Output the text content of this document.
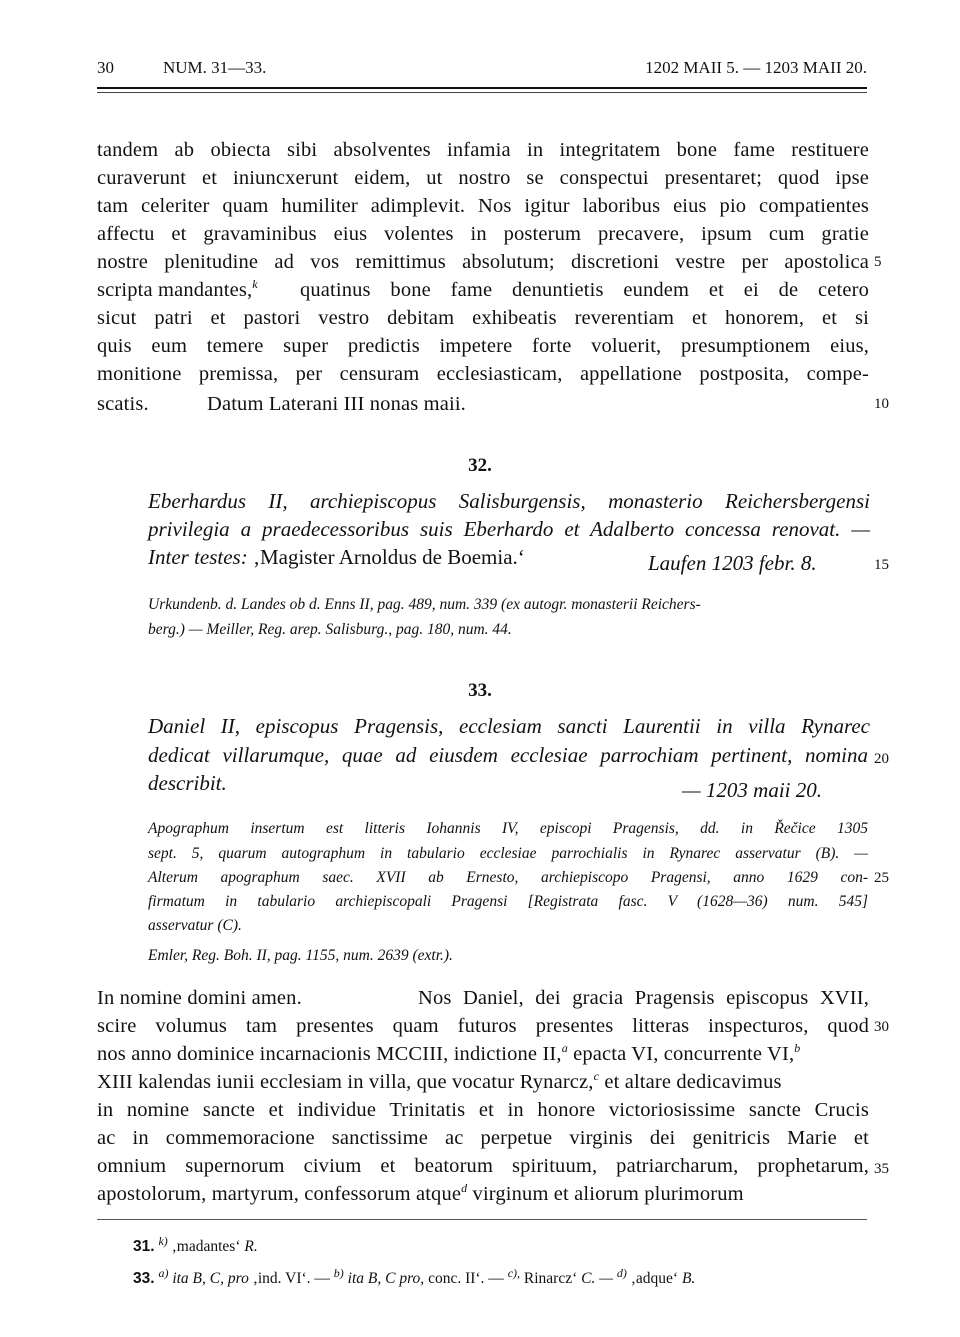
30	NUM. 31—33.	1202 MAII 5. — 1203 MAII 20.
tandem ab obiecta sibi absolventes infamia in integritatem bone fame restituere
curaverunt et iniuncxerunt eidem, ut nostro se conspectui presentaret; quod ipse
tam celeriter quam humiliter adimplevit. Nos igitur laboribus eius pio compatientes
affectu et gravaminibus eius volentes in posterum precavere, ipsum cum gratie
nostre plenitudine ad vos remittimus absolutum; discretioni vestre per apostolica
scripta mandantes,$^k$	quatinus bone fame denuntietis eundem et ei de cetero
sicut patri et pastori vestro debitam exhibeatis reverentiam et honorem, et si
quis eum temere super predictis impetere forte voluerit, presumptionem eius,
monitione premissa, per censuram ecclesiasticam, appellatione postposita, compe-
scatis.	Datum Laterani III nonas maii.
5
10
15
20
25
30
35
32.
Eberhardus II, archiepiscopus Salisburgensis, monasterio Reichersbergensi
privilegia a praedecessoribus suis Eberhardo et Adalberto concessa renovat. —
Inter testes: ‚Magister Arnoldus de Boemia.‘	Laufen 1203 febr. 8.
Urkundenb. d. Landes ob d. Enns II, pag. 489, num. 339 (ex autogr. monasterii Reichers-
berg.) — Meiller, Reg. arep. Salisburg., pag. 180, num. 44.
33.
Daniel II, episcopus Pragensis, ecclesiam sancti Laurentii in villa Rynarec
dedicat villarumque, quae ad eiusdem ecclesiae parrochiam pertinent, nomina
describit.	— 1203 maii 20.
Apographum insertum est litteris Iohannis IV, episcopi Pragensis, dd. in Řečice 1305
sept. 5, quarum autographum in tabulario ecclesiae parrochialis in Rynarec asservatur (B). —
Alterum apographum saec. XVII ab Ernesto, archiepiscopo Pragensi, anno 1629 con-
firmatum in tabulario archiepiscopali Pragensi [Registrata fasc. V (1628—36) num. 545]
asservatur (C).
Emler, Reg. Boh. II, pag. 1155, num. 2639 (extr.).
In nomine domini amen.	Nos Daniel, dei gracia Pragensis episcopus XVII,
scire volumus tam presentes quam futuros presentes litteras inspecturos, quod
nos anno dominice incarnacionis MCCIII, indictione II,$^a$ epacta VI, concurrente VI,$^b$
XIII kalendas iunii ecclesiam in villa, que vocatur Rynarcz,$^c$ et altare dedicavimus
in nomine sancte et individue Trinitatis et in honore victoriosissime sancte Crucis
ac in commemoracione sanctissime ac perpetue virginis dei genitricis Marie et
omnium supernorum civium et beatorum spirituum, patriarcharum, prophetarum,
apostolorum, martyrum, confessorum atque$^d$ virginum et aliorum plurimorum
31. $^{k)}$ ‚madantes‘ R.
33. $^{a)}$ ita B, C, pro ‚ind. VI‘. — $^{b)}$ ita B, C pro, conc. II‘. — $^{c),}$ Rinarcz‘ C. — $^{d)}$ ‚adque‘ B.
